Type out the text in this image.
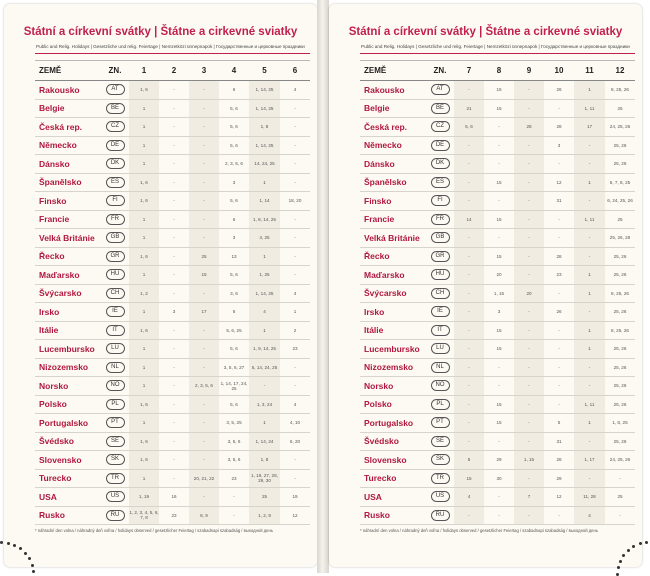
Státní a církevní svátky | Štátne a cirkevné sviatky
Public and Relig. Holidays | Gesetzliche und relig. Feiertage | Nemzetközi ünnepnapok | Государственные и церковные праздники
ZEMĚ	ZN.	1	2	3	4	5	6
Rakousko	AT	1, 6	-	-	6	1, 14, 25	4
Belgie	BE	1	-	-	5, 6	1, 14, 25	-
Česká rep.	CZ	1	-	-	5, 6	1, 8	-
Německo	DE	1	-	-	5, 6	1, 14, 25	-
Dánsko	DK	1	-	-	2, 3, 5, 6	14, 24, 25	-
Španělsko	ES	1, 6	-	-	3	1	-
Finsko	FI	1, 6	-	-	5, 6	1, 14	18, 20
Francie	FR	1	-	-	6	1, 8, 14, 25	-
Velká Británie	GB	1	-	-	3	4, 25	-
Řecko	GR	1, 6	-	25	13	1	-
Maďarsko	HU	1	-	15	5, 6	1, 25	-
Švýcarsko	CH	1, 2	-	-	3, 6	1, 14, 25	4
Irsko	IE	1	3	17	6	4	1
Itálie	IT	1, 6	-	-	5, 6, 25	1	2
Lucembursko	LU	1	-	-	5, 6	1, 9, 14, 25	23
Nizozemsko	NL	1	-	-	3, 5, 6, 27	5, 14, 24, 25	-
Norsko	NO	1	-	2, 3, 5, 6	1, 14, 17, 24, 25	-	-
Polsko	PL	1, 6	-	-	5, 6	1, 3, 24	4
Portugalsko	PT	1	-	-	3, 5, 25	1	4, 10
Švédsko	SE	1, 6	-	-	3, 5, 6	1, 14, 24	6, 20
Slovensko	SK	1, 6	-	-	3, 5, 6	1, 8	-
Turecko	TR	1	-	20, 21, 22	23	1, 19, 27, 28, 29, 30	-
USA	US	1, 19	16	-	-	25	19
Rusko	RU	1, 2, 3, 4, 5, 6, 7, 8	23	8, 9	-	1, 2, 9	12
* náhradní den volna / náhradný deň voľna / holidays observed / gesetzlicher Feiertag / szabadnapi szabadság / выходной день
Státní a církevní svátky | Štátne a cirkevné sviatky
Public and Relig. Holidays | Gesetzliche und relig. Feiertage | Nemzetközi ünnepnapok | Государственные и церковные праздники
ZEMĚ	ZN.	7	8	9	10	11	12
Rakousko	AT	-	15	-	26	1	8, 25, 26
Belgie	BE	21	15	-	-	1, 11	25
Česká rep.	CZ	5, 6	-	28	28	17	24, 25, 26
Německo	DE	-	-	-	3	-	25, 26
Dánsko	DK	-	-	-	-	-	25, 26
Španělsko	ES	-	15	-	12	1	6, 7, 8, 25
Finsko	FI	-	-	-	31	-	6, 24, 25, 26
Francie	FR	14	15	-	-	1, 11	25
Velká Británie	GB	-	-	-	-	-	25, 26, 28
Řecko	GR	-	15	-	28	-	25, 26
Maďarsko	HU	-	20	-	23	1	25, 26
Švýcarsko	CH	-	1, 15	20	-	1	8, 25, 26
Irsko	IE	-	3	-	26	-	25, 26
Itálie	IT	-	15	-	-	1	8, 25, 26
Lucembursko	LU	-	15	-	-	1	25, 26
Nizozemsko	NL	-	-	-	-	-	25, 26
Norsko	NO	-	-	-	-	-	25, 26
Polsko	PL	-	15	-	-	1, 11	25, 26
Portugalsko	PT	-	15	-	5	1	1, 8, 25
Švédsko	SE	-	-	-	31	-	25, 26
Slovensko	SK	5	29	1, 15	28	1, 17	24, 25, 26
Turecko	TR	15	30	-	29	-	-
USA	US	4	-	7	12	11, 28	25
Rusko	RU	-	-	-	-	4	-
* náhradní den volna / náhradný deň voľna / holidays observed / gesetzlicher Feiertag / szabadnapi szabadság / выходной день
